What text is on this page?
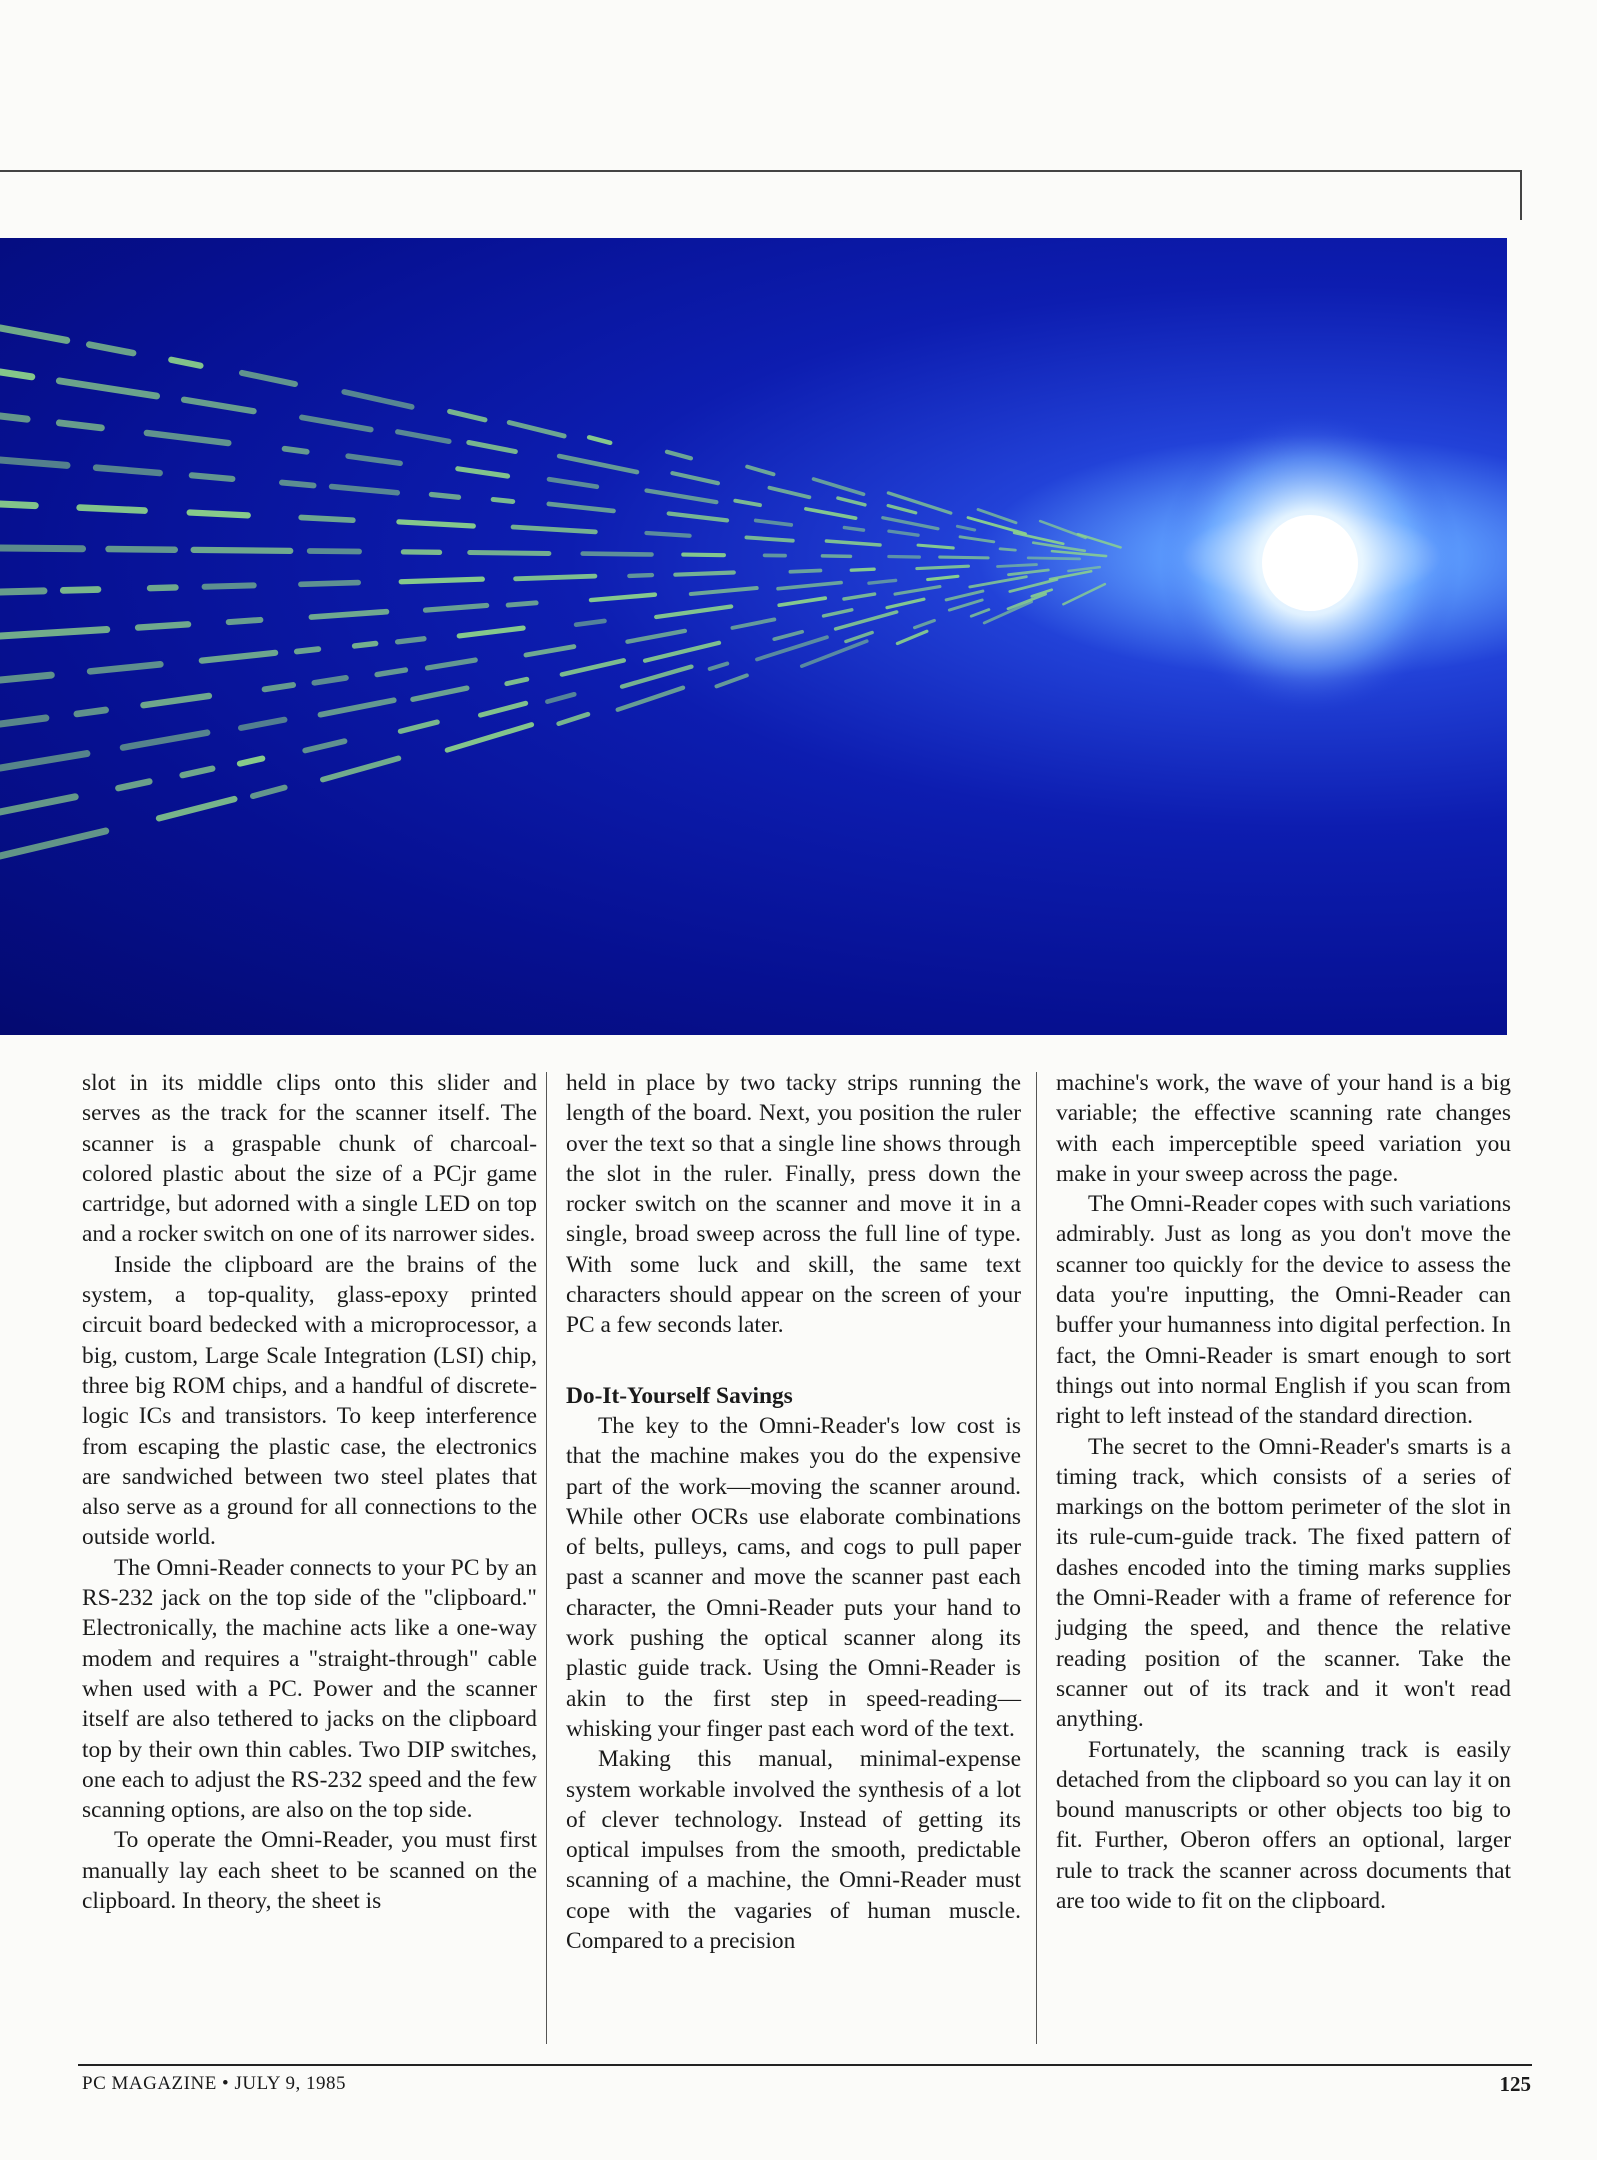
slot in its middle clips onto this slider and serves as the track for the scanner itself. The scanner is a graspable chunk of charcoal-colored plastic about the size of a PCjr game cartridge, but adorned with a single LED on top and a rocker switch on one of its narrower sides.

Inside the clipboard are the brains of the system, a top-quality, glass-epoxy printed circuit board bedecked with a microprocessor, a big, custom, Large Scale Integration (LSI) chip, three big ROM chips, and a handful of discrete-logic ICs and transistors. To keep interference from escaping the plastic case, the electronics are sandwiched between two steel plates that also serve as a ground for all connections to the outside world.

The Omni-Reader connects to your PC by an RS-232 jack on the top side of the "clipboard." Electronically, the machine acts like a one-way modem and requires a "straight-through" cable when used with a PC. Power and the scanner itself are also tethered to jacks on the clipboard top by their own thin cables. Two DIP switches, one each to adjust the RS-232 speed and the few scanning options, are also on the top side.

To operate the Omni-Reader, you must first manually lay each sheet to be scanned on the clipboard. In theory, the sheet is

held in place by two tacky strips running the length of the board. Next, you position the ruler over the text so that a single line shows through the slot in the ruler. Finally, press down the rocker switch on the scanner and move it in a single, broad sweep across the full line of type. With some luck and skill, the same text characters should appear on the screen of your PC a few seconds later.

Do-It-Yourself Savings

The key to the Omni-Reader's low cost is that the machine makes you do the expensive part of the work—moving the scanner around. While other OCRs use elaborate combinations of belts, pulleys, cams, and cogs to pull paper past a scanner and move the scanner past each character, the Omni-Reader puts your hand to work pushing the optical scanner along its plastic guide track. Using the Omni-Reader is akin to the first step in speed-reading—whisking your finger past each word of the text.

Making this manual, minimal-expense system workable involved the synthesis of a lot of clever technology. Instead of getting its optical impulses from the smooth, predictable scanning of a machine, the Omni-Reader must cope with the vagaries of human muscle. Compared to a precision

machine's work, the wave of your hand is a big variable; the effective scanning rate changes with each imperceptible speed variation you make in your sweep across the page.

The Omni-Reader copes with such variations admirably. Just as long as you don't move the scanner too quickly for the device to assess the data you're inputting, the Omni-Reader can buffer your humanness into digital perfection. In fact, the Omni-Reader is smart enough to sort things out into normal English if you scan from right to left instead of the standard direction.

The secret to the Omni-Reader's smarts is a timing track, which consists of a series of markings on the bottom perimeter of the slot in its rule-cum-guide track. The fixed pattern of dashes encoded into the timing marks supplies the Omni-Reader with a frame of reference for judging the speed, and thence the relative reading position of the scanner. Take the scanner out of its track and it won't read anything.

Fortunately, the scanning track is easily detached from the clipboard so you can lay it on bound manuscripts or other objects too big to fit. Further, Oberon offers an optional, larger rule to track the scanner across documents that are too wide to fit on the clipboard.

PC MAGAZINE • JULY 9, 1985	125
